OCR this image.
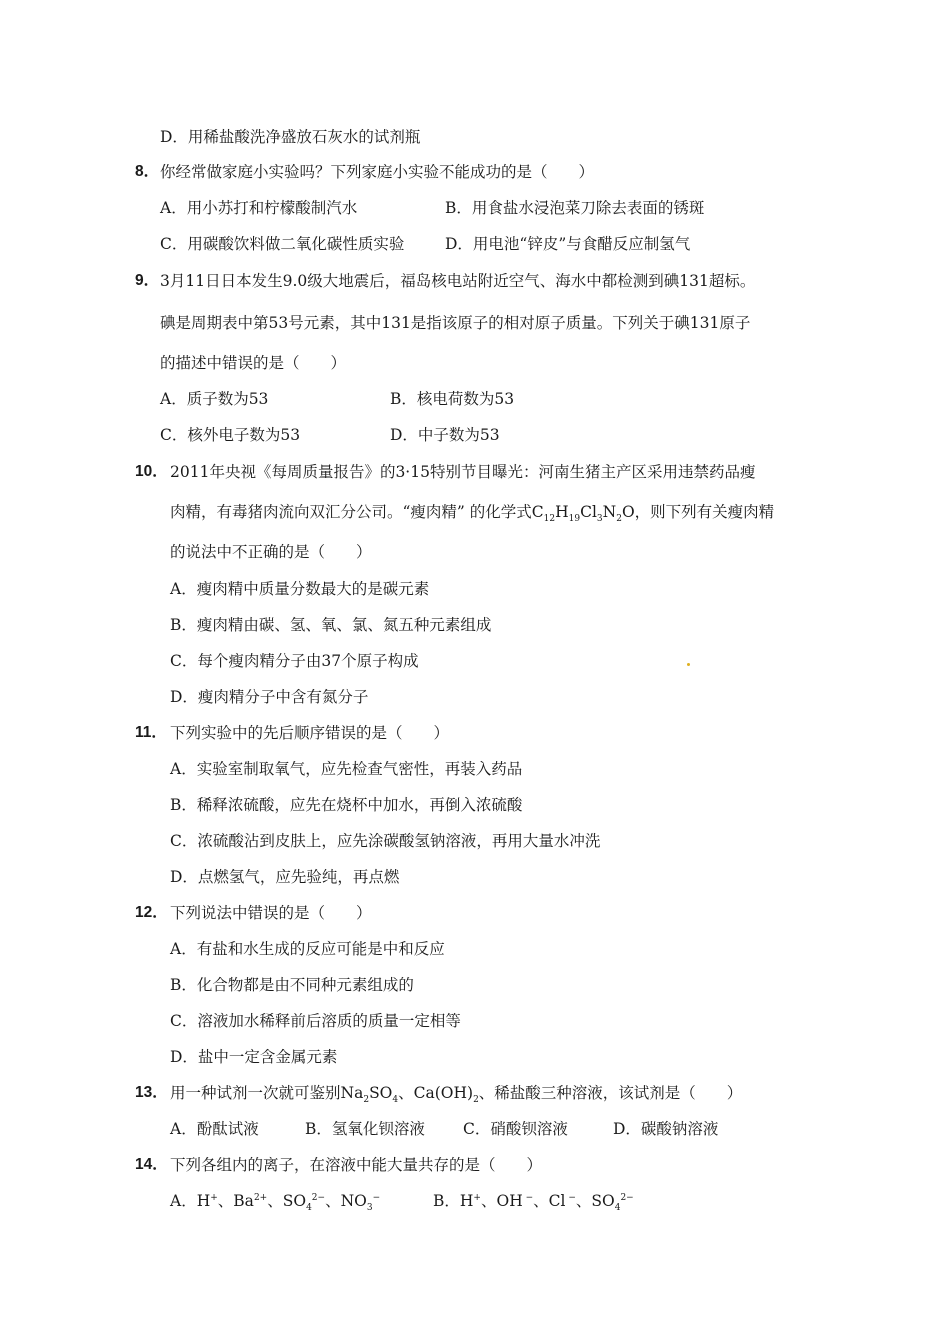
D．用稀盐酸洗净盛放石灰水的试剂瓶
8． 你经常做家庭小实验吗？下列家庭小实验不能成功的是（　　）
A．用小苏打和柠檬酸制汽水	B．用食盐水浸泡菜刀除去表面的锈斑
C．用碳酸饮料做二氧化碳性质实验	D．用电池“锌皮”与食醋反应制氢气
9． 3月11日日本发生9.0级大地震后，福岛核电站附近空气、海水中都检测到碘131超标。
碘是周期表中第53号元素，其中131是指该原子的相对原子质量。下列关于碘131原子
的描述中错误的是（　　）
A．质子数为53	B．核电荷数为53
C．核外电子数为53	D．中子数为53
10． 2011年央视《每周质量报告》的3·15特别节目曝光：河南生猪主产区采用违禁药品瘦
肉精，有毒猪肉流向双汇分公司。“瘦肉精” 的化学式$C_{12}H_{19}Cl_3N_2O$，则下列有关瘦肉精
的说法中不正确的是（　　）
A．瘦肉精中质量分数最大的是碳元素
B．瘦肉精由碳、氢、氧、氯、氮五种元素组成
C．每个瘦肉精分子由37个原子构成
D．瘦肉精分子中含有氮分子
11． 下列实验中的先后顺序错误的是（　　）
A．实验室制取氧气，应先检查气密性，再装入药品
B．稀释浓硫酸，应先在烧杯中加水，再倒入浓硫酸
C．浓硫酸沾到皮肤上，应先涂碳酸氢钠溶液，再用大量水冲洗
D．点燃氢气，应先验纯，再点燃
12． 下列说法中错误的是（　　）
A．有盐和水生成的反应可能是中和反应
B．化合物都是由不同种元素组成的
C．溶液加水稀释前后溶质的质量一定相等
D．盐中一定含金属元素
13． 用一种试剂一次就可鉴别$Na_2SO_4$、$Ca(OH)_2$、稀盐酸三种溶液，该试剂是（　　）
A．酚酞试液	B．氢氧化钡溶液 C．硝酸钡溶液	D．碳酸钠溶液
14． 下列各组内的离子，在溶液中能大量共存的是（　　）
A．H+、$Ba^{2+}$、$SO_4^{2-}$、$NO_3^-$	B．H+、OH −、Cl −、$SO_4^{2-}$
